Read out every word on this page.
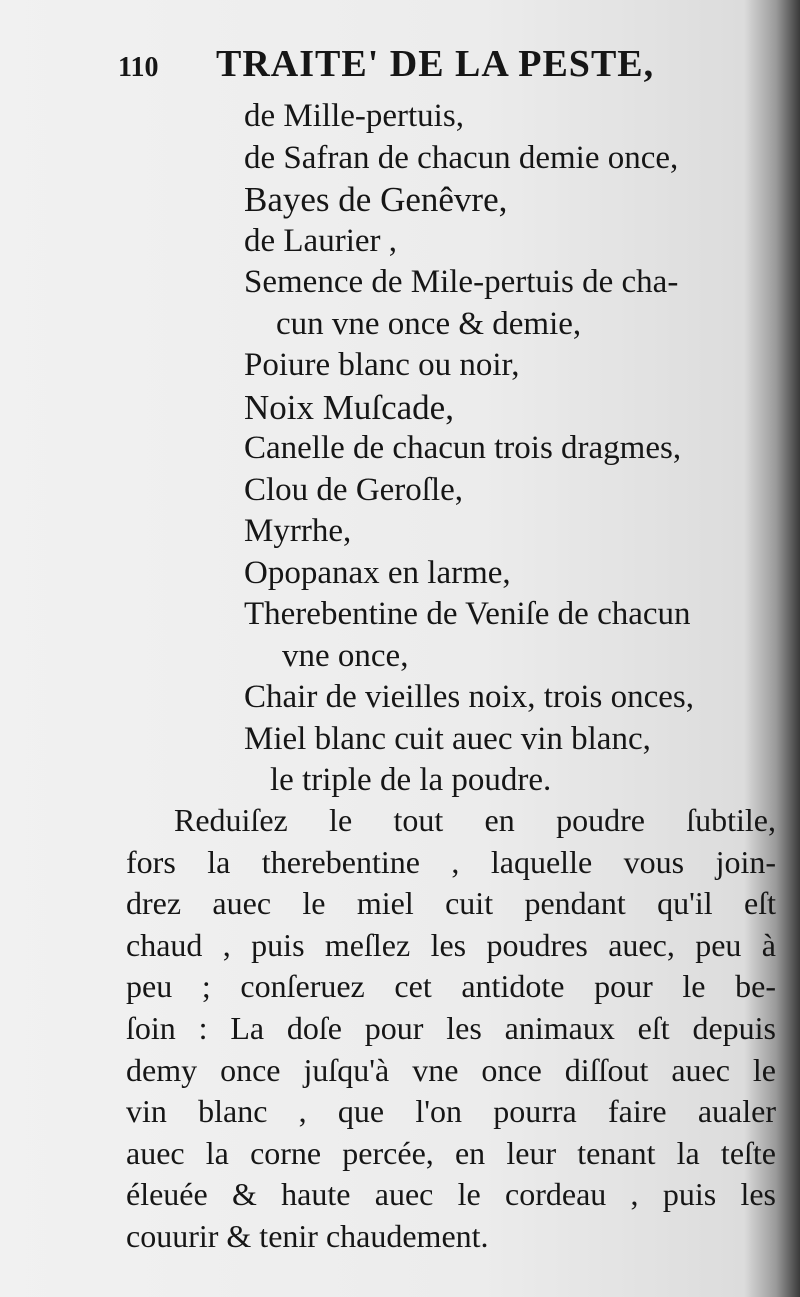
110 TRAITE' DE LA PESTE,
de Mille-pertuis,
de Safran de chacun demie once,
Bayes de Genêvre,
de Laurier ,
Semence de Mile-pertuis de cha-
cun vne once & demie,
Poiure blanc ou noir,
Noix Muſcade,
Canelle de chacun trois dragmes,
Clou de Geroſle,
Myrrhe,
Opopanax en larme,
Therebentine de Veniſe de chacun
vne once,
Chair de vieilles noix, trois onces,
Miel blanc cuit auec vin blanc,
le triple de la poudre.
Reduiſez le tout en poudre ſubtile,
fors la therebentine , laquelle vous join-
drez auec le miel cuit pendant qu'il eſt
chaud , puis meſlez les poudres auec, peu à
peu ; conſeruez cet antidote pour le be-
ſoin : La doſe pour les animaux eſt depuis
demy once juſqu'à vne once diſſout auec le
vin blanc , que l'on pourra faire aualer
auec la corne percée, en leur tenant la teſte
éleuée & haute auec le cordeau , puis les
couurir & tenir chaudement.
